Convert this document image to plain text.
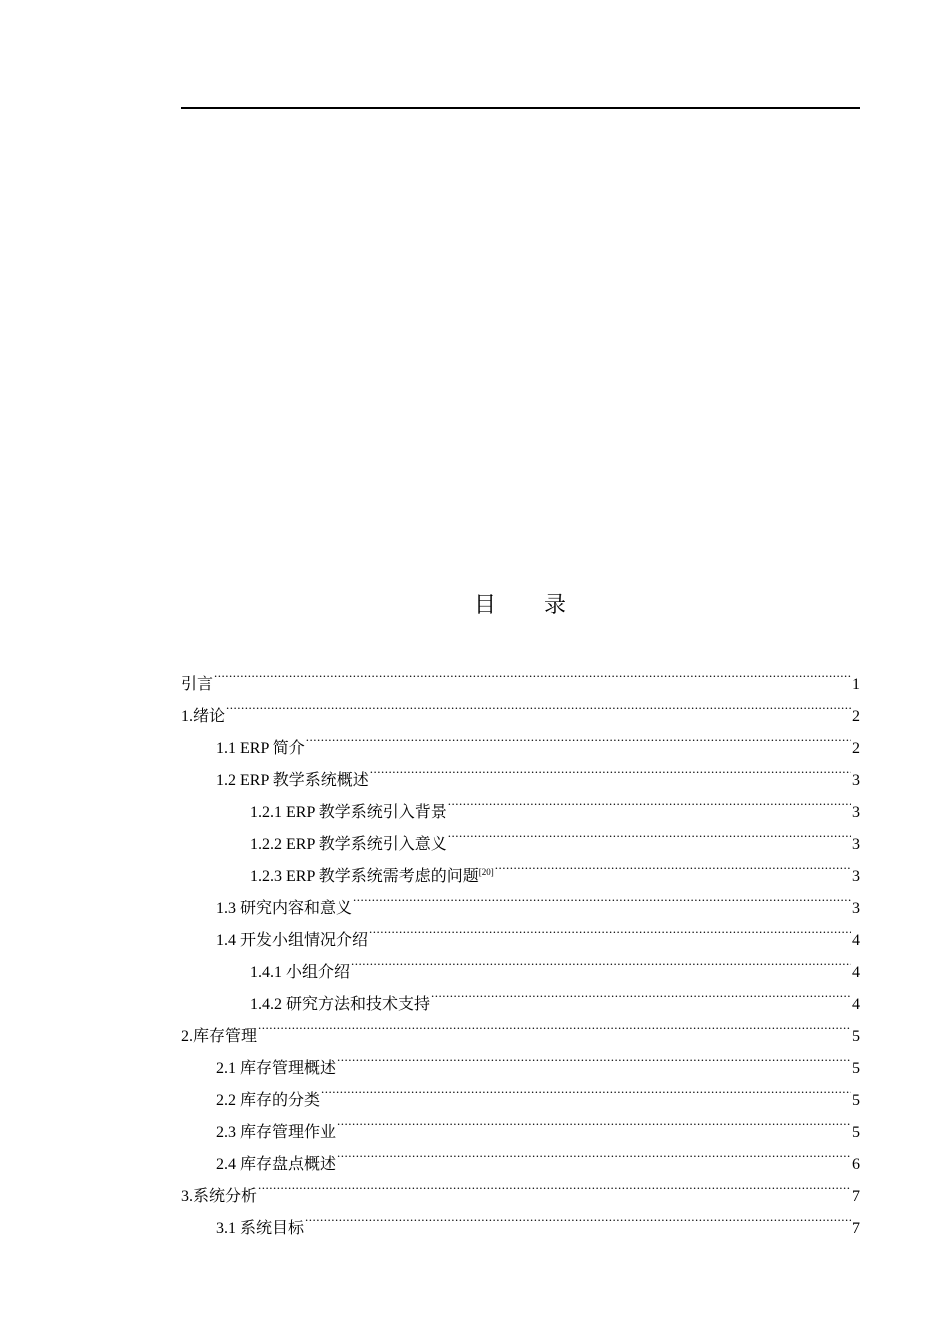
目 录
引言 .....	1
1.绪论 .....	2
1.1 ERP 简介 .....	2
1.2 ERP 教学系统概述 .....	3
1.2.1 ERP 教学系统引入背景 .....	3
1.2.2 ERP 教学系统引入意义 .....	3
1.2.3 ERP 教学系统需考虑的问题[20] .....	3
1.3 研究内容和意义 .....	3
1.4 开发小组情况介绍 .....	4
1.4.1 小组介绍 .....	4
1.4.2 研究方法和技术支持 .....	4
2.库存管理 .....	5
2.1 库存管理概述 .....	5
2.2 库存的分类 .....	5
2.3 库存管理作业 .....	5
2.4 库存盘点概述 .....	6
3.系统分析 .....	7
3.1 系统目标 .....	7
